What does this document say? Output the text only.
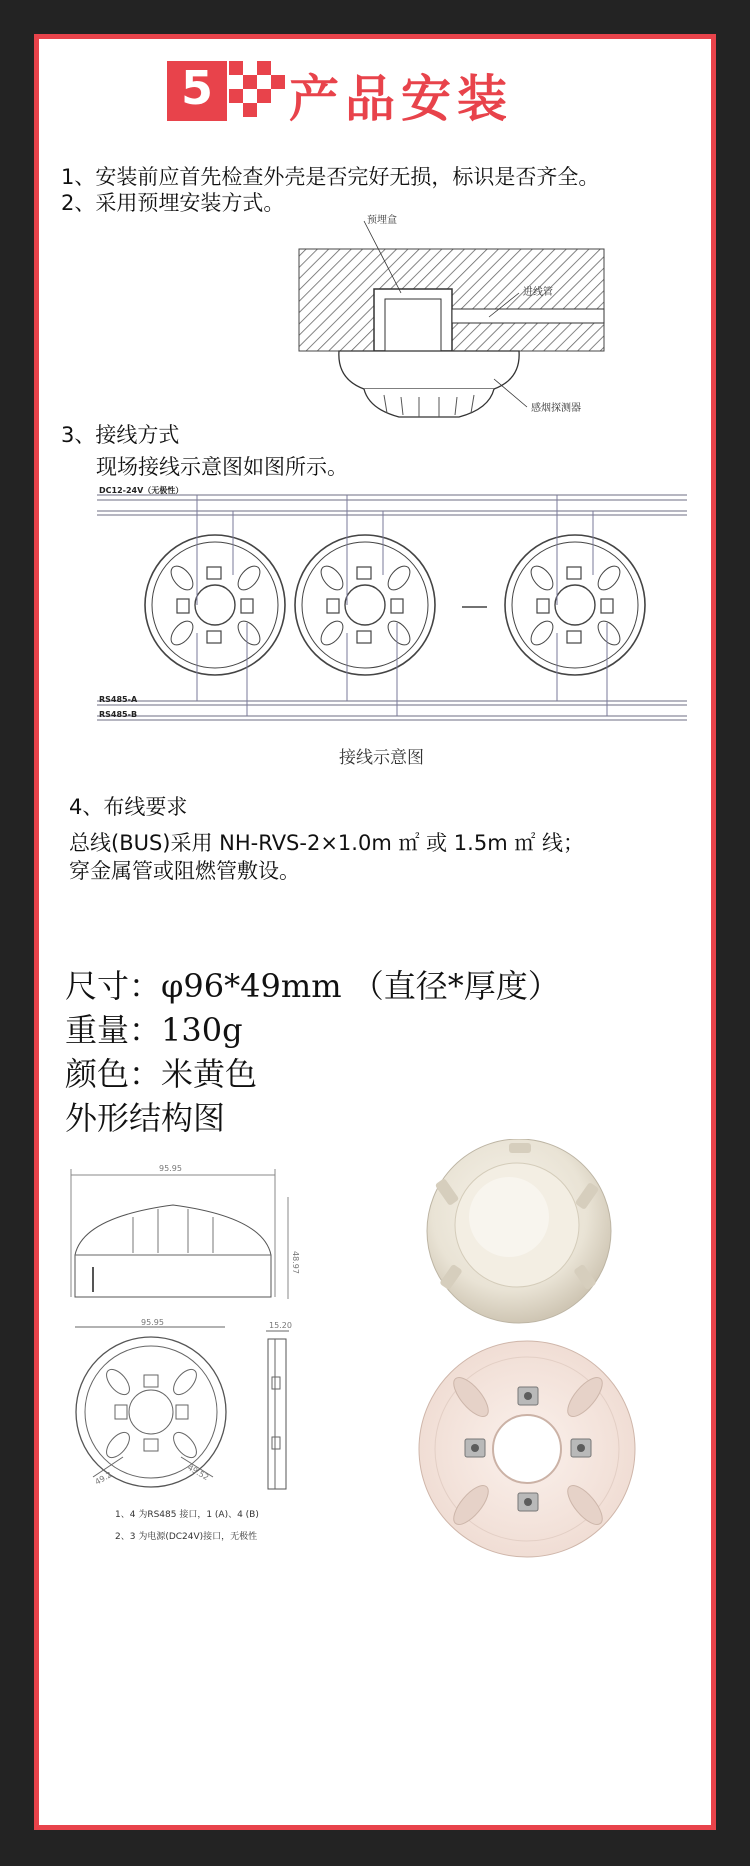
5 产品安装
1、安装前应首先检查外壳是否完好无损，标识是否齐全。
2、采用预埋安装方式。
预埋盒
进线管
感烟探测器
3、接线方式
现场接线示意图如图所示。
DC12-24V（无极性）
RS485-A
RS485-B
接线示意图
4、布线要求
总线(BUS)采用 NH-RVS-2×1.0m ㎡ 或 1.5m ㎡ 线；
穿金属管或阻燃管敷设。
尺寸：φ96*49mm （直径*厚度）
重量：130g
颜色：米黄色
外形结构图
95.95
48.97
95.95	15.20
49.2	49.52
1、4 为RS485 接口，1 (A)、4 (B)
2、3 为电源(DC24V)接口，无极性
